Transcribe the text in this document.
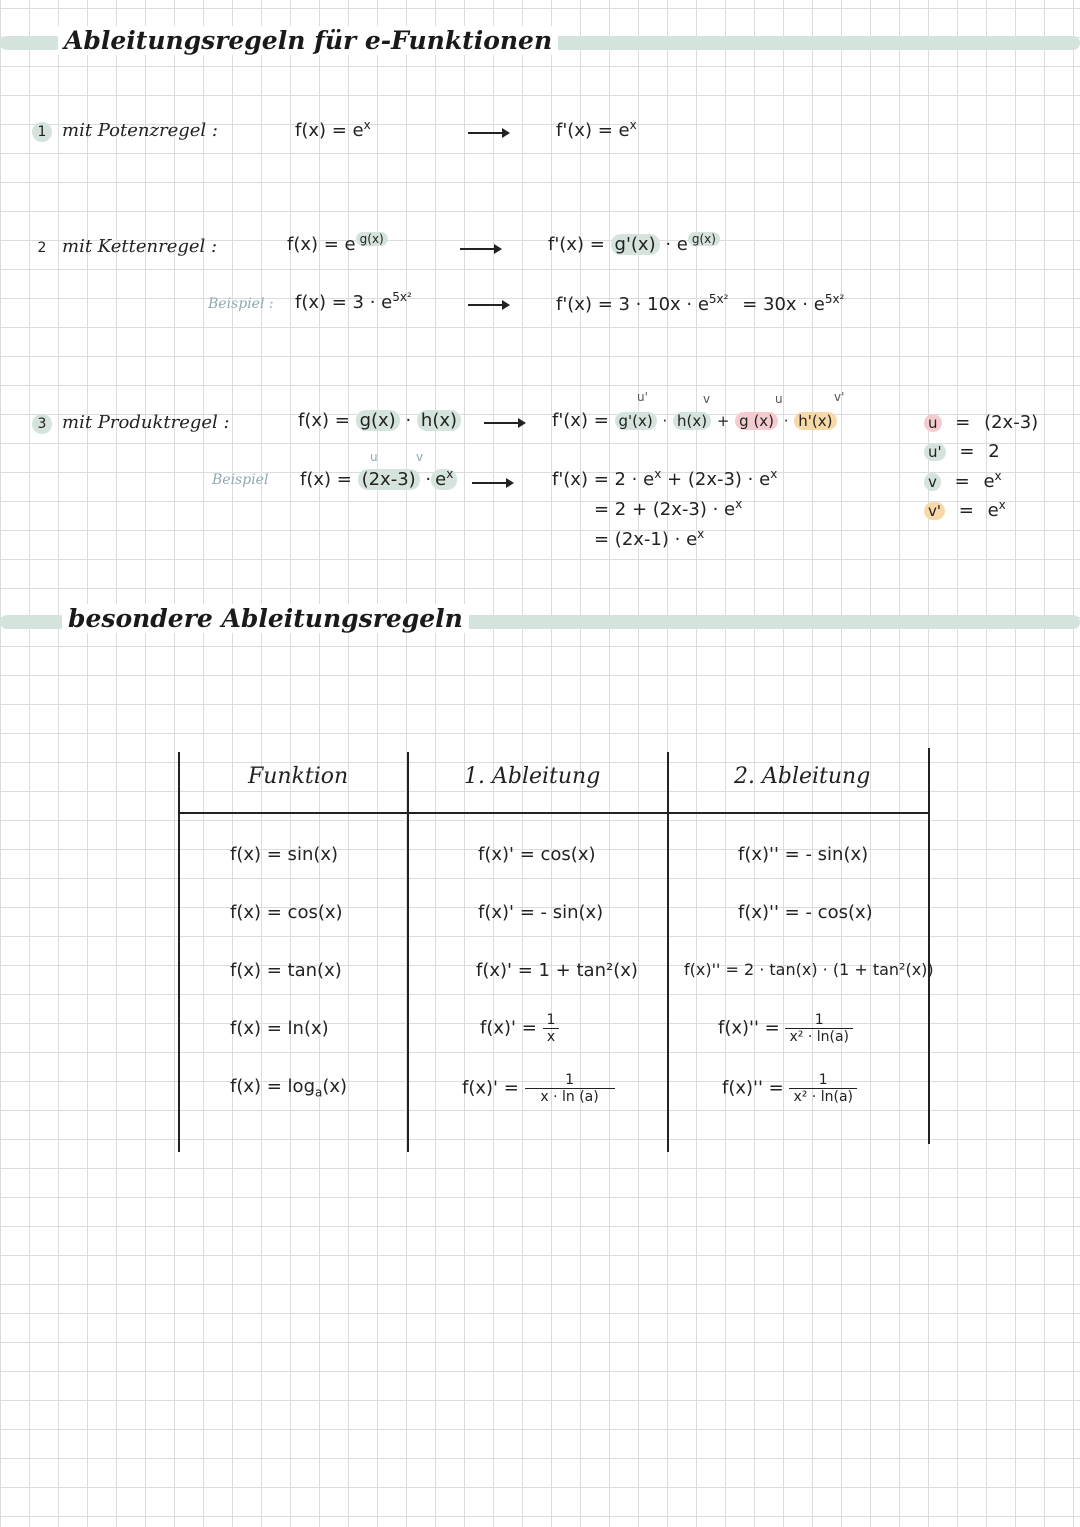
Ableitungsregeln für e-Funktionen
1 mit Potenzregel :	$f(x) = e^x$	$f'(x) = e^x$
2 mit Kettenregel :	f(x) = e $^{g(x)}$	f'(x) = g'(x) · e $^{g(x)}$
Beispiel : $f(x) = 3 \cdot e^{5x^2}$	$f'(x) = 3 \cdot 10x \cdot e^{5x^2} = 30x \cdot e^{5x^2}$
3 mit Produktregel :	f(x) = g(x) · h(x)
u'	v	u	v'
f'(x) = g'(x) · h(x) + g (x) · h'(x)
u	v
Beispiel $f(x) = (2x-3) \cdot e^x$	$f'(x) = 2 \cdot e^x + (2x-3) \cdot e^x$
= $2 + (2x-3) \cdot e^x$
= $(2x-1) \cdot e^x$
u = (2x-3)
u' = 2
$v = e^x$
$v' = e^x$
besondere Ableitungsregeln
Funktion	1. Ableitung	2. Ableitung
f(x) = sin(x)	f(x)' = cos(x)	f(x)'' = - sin(x)
f(x) = cos(x)	f(x)' = - sin(x)	f(x)'' = - cos(x)
f(x) = tan(x)	f(x)' = 1 + tan²(x)	f(x)'' = 2 · tan(x) · (1 + tan²(x))
f(x) = ln(x)	$f(x)' = \frac{1}{x}$	$f(x)'' = \frac{1}{\text{x² · ln(a)}}$
$f(x) = \log_a(x)$	$f(x)' = \frac{1}{x \cdot \ln (a)}$	$f(x)'' = \frac{1}{\text{x² · ln(a)}}$
